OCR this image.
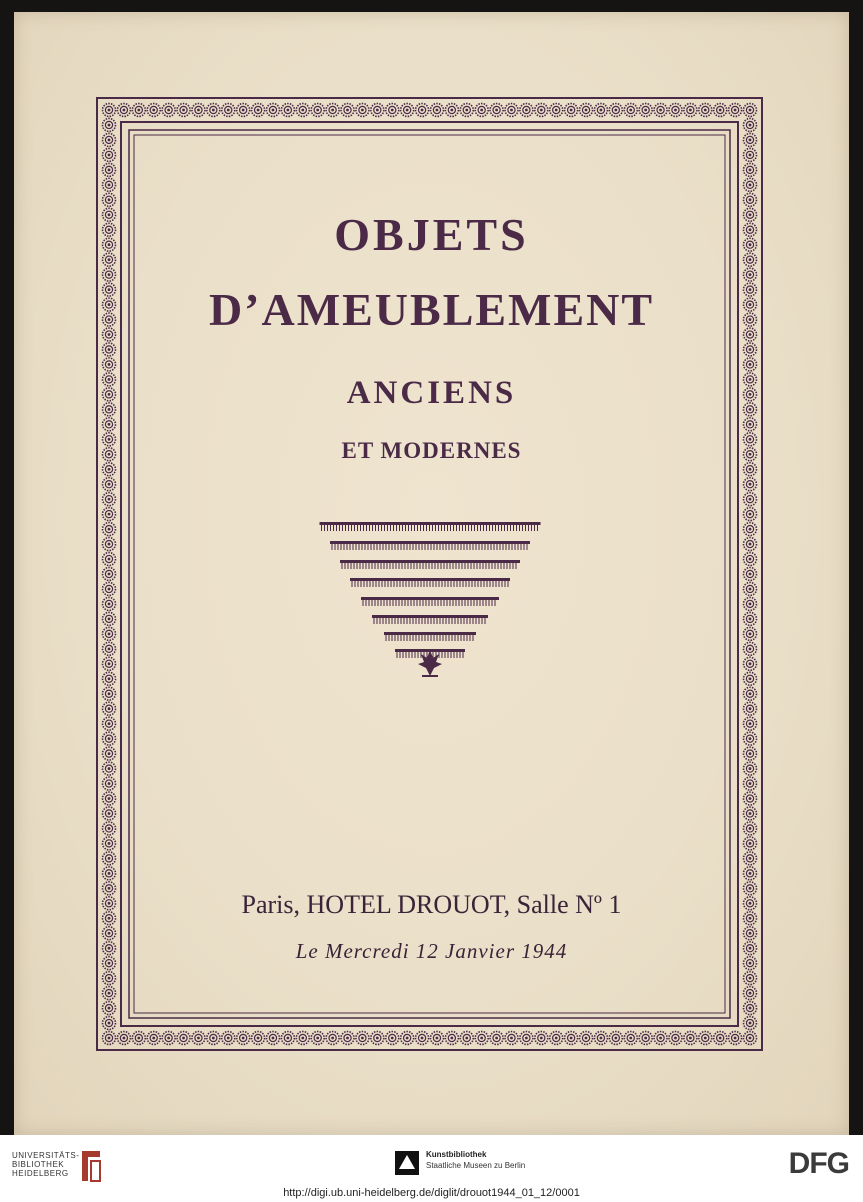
OBJETS
D’AMEUBLEMENT
ANCIENS
ET MODERNES
Paris, HOTEL DROUOT, Salle Nº 1
Le Mercredi 12 Janvier 1944
UNIVERSITÄTS-
BIBLIOTHEK
HEIDELBERG
Kunstbibliothek
Staatliche Museen zu Berlin	DFG
http://digi.ub.uni-heidelberg.de/diglit/drouot1944_01_12/0001
